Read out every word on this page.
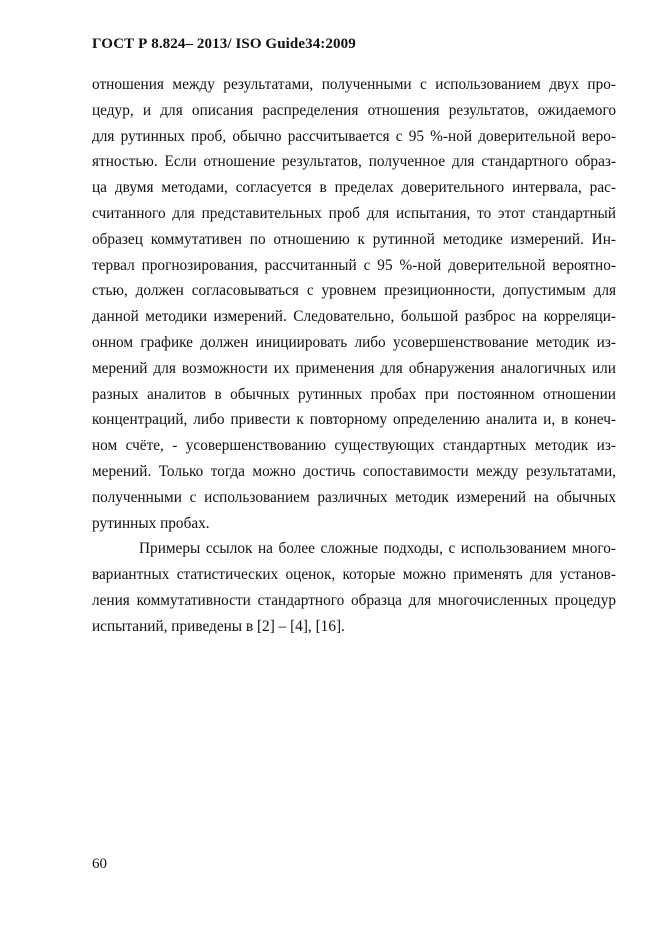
ГОСТ Р 8.824– 2013/ ISO Guide34:2009
отношения между результатами, полученными с использованием двух про-
цедур, и для описания распределения отношения результатов, ожидаемого
для рутинных проб, обычно рассчитывается с 95 %-ной доверительной веро-
ятностью. Если отношение результатов, полученное для стандартного образ-
ца двумя методами, согласуется в пределах доверительного интервала, рас-
считанного для представительных проб для испытания, то этот стандартный
образец коммутативен по отношению к рутинной методике измерений. Ин-
тервал прогнозирования, рассчитанный с 95 %-ной доверительной вероятно-
стью, должен согласовываться с уровнем презиционности, допустимым для
данной методики измерений. Следовательно, большой разброс на корреляци-
онном графике должен инициировать либо усовершенствование методик из-
мерений для возможности их применения для обнаружения аналогичных или
разных аналитов в обычных рутинных пробах при постоянном отношении
концентраций, либо привести к повторному определению аналита и, в конеч-
ном счёте, - усовершенствованию существующих стандартных методик из-
мерений. Только тогда можно достичь сопоставимости между результатами,
полученными с использованием различных методик измерений на обычных
рутинных пробах.
Примеры ссылок на более сложные подходы, с использованием много-
вариантных статистических оценок, которые можно применять для установ-
ления коммутативности стандартного образца для многочисленных процедур
испытаний, приведены в [2] – [4], [16].
60
